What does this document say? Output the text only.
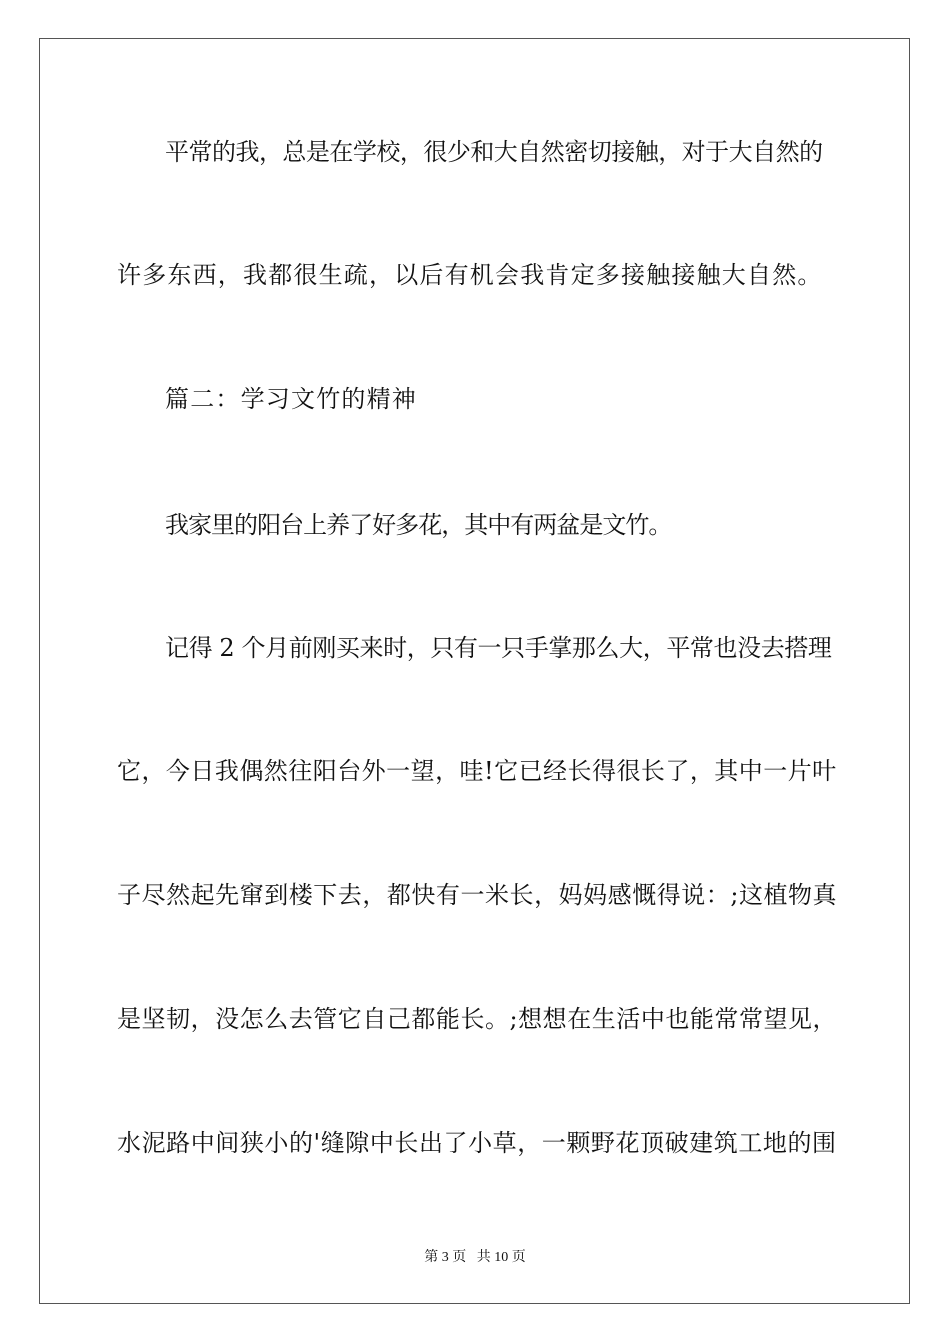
平常的我，总是在学校，很少和大自然密切接触，对于大自然的
许多东西，我都很生疏，以后有机会我肯定多接触接触大自然。
篇二：学习文竹的精神
我家里的阳台上养了好多花，其中有两盆是文竹。
记得 2 个月前刚买来时，只有一只手掌那么大，平常也没去搭理
它，今日我偶然往阳台外一望，哇!它已经长得很长了，其中一片叶
子尽然起先窜到楼下去，都快有一米长，妈妈感慨得说：;这植物真
是坚韧，没怎么去管它自己都能长。;想想在生活中也能常常望见，
水泥路中间狭小的'缝隙中长出了小草，一颗野花顶破建筑工地的围
第 3 页   共 10 页
